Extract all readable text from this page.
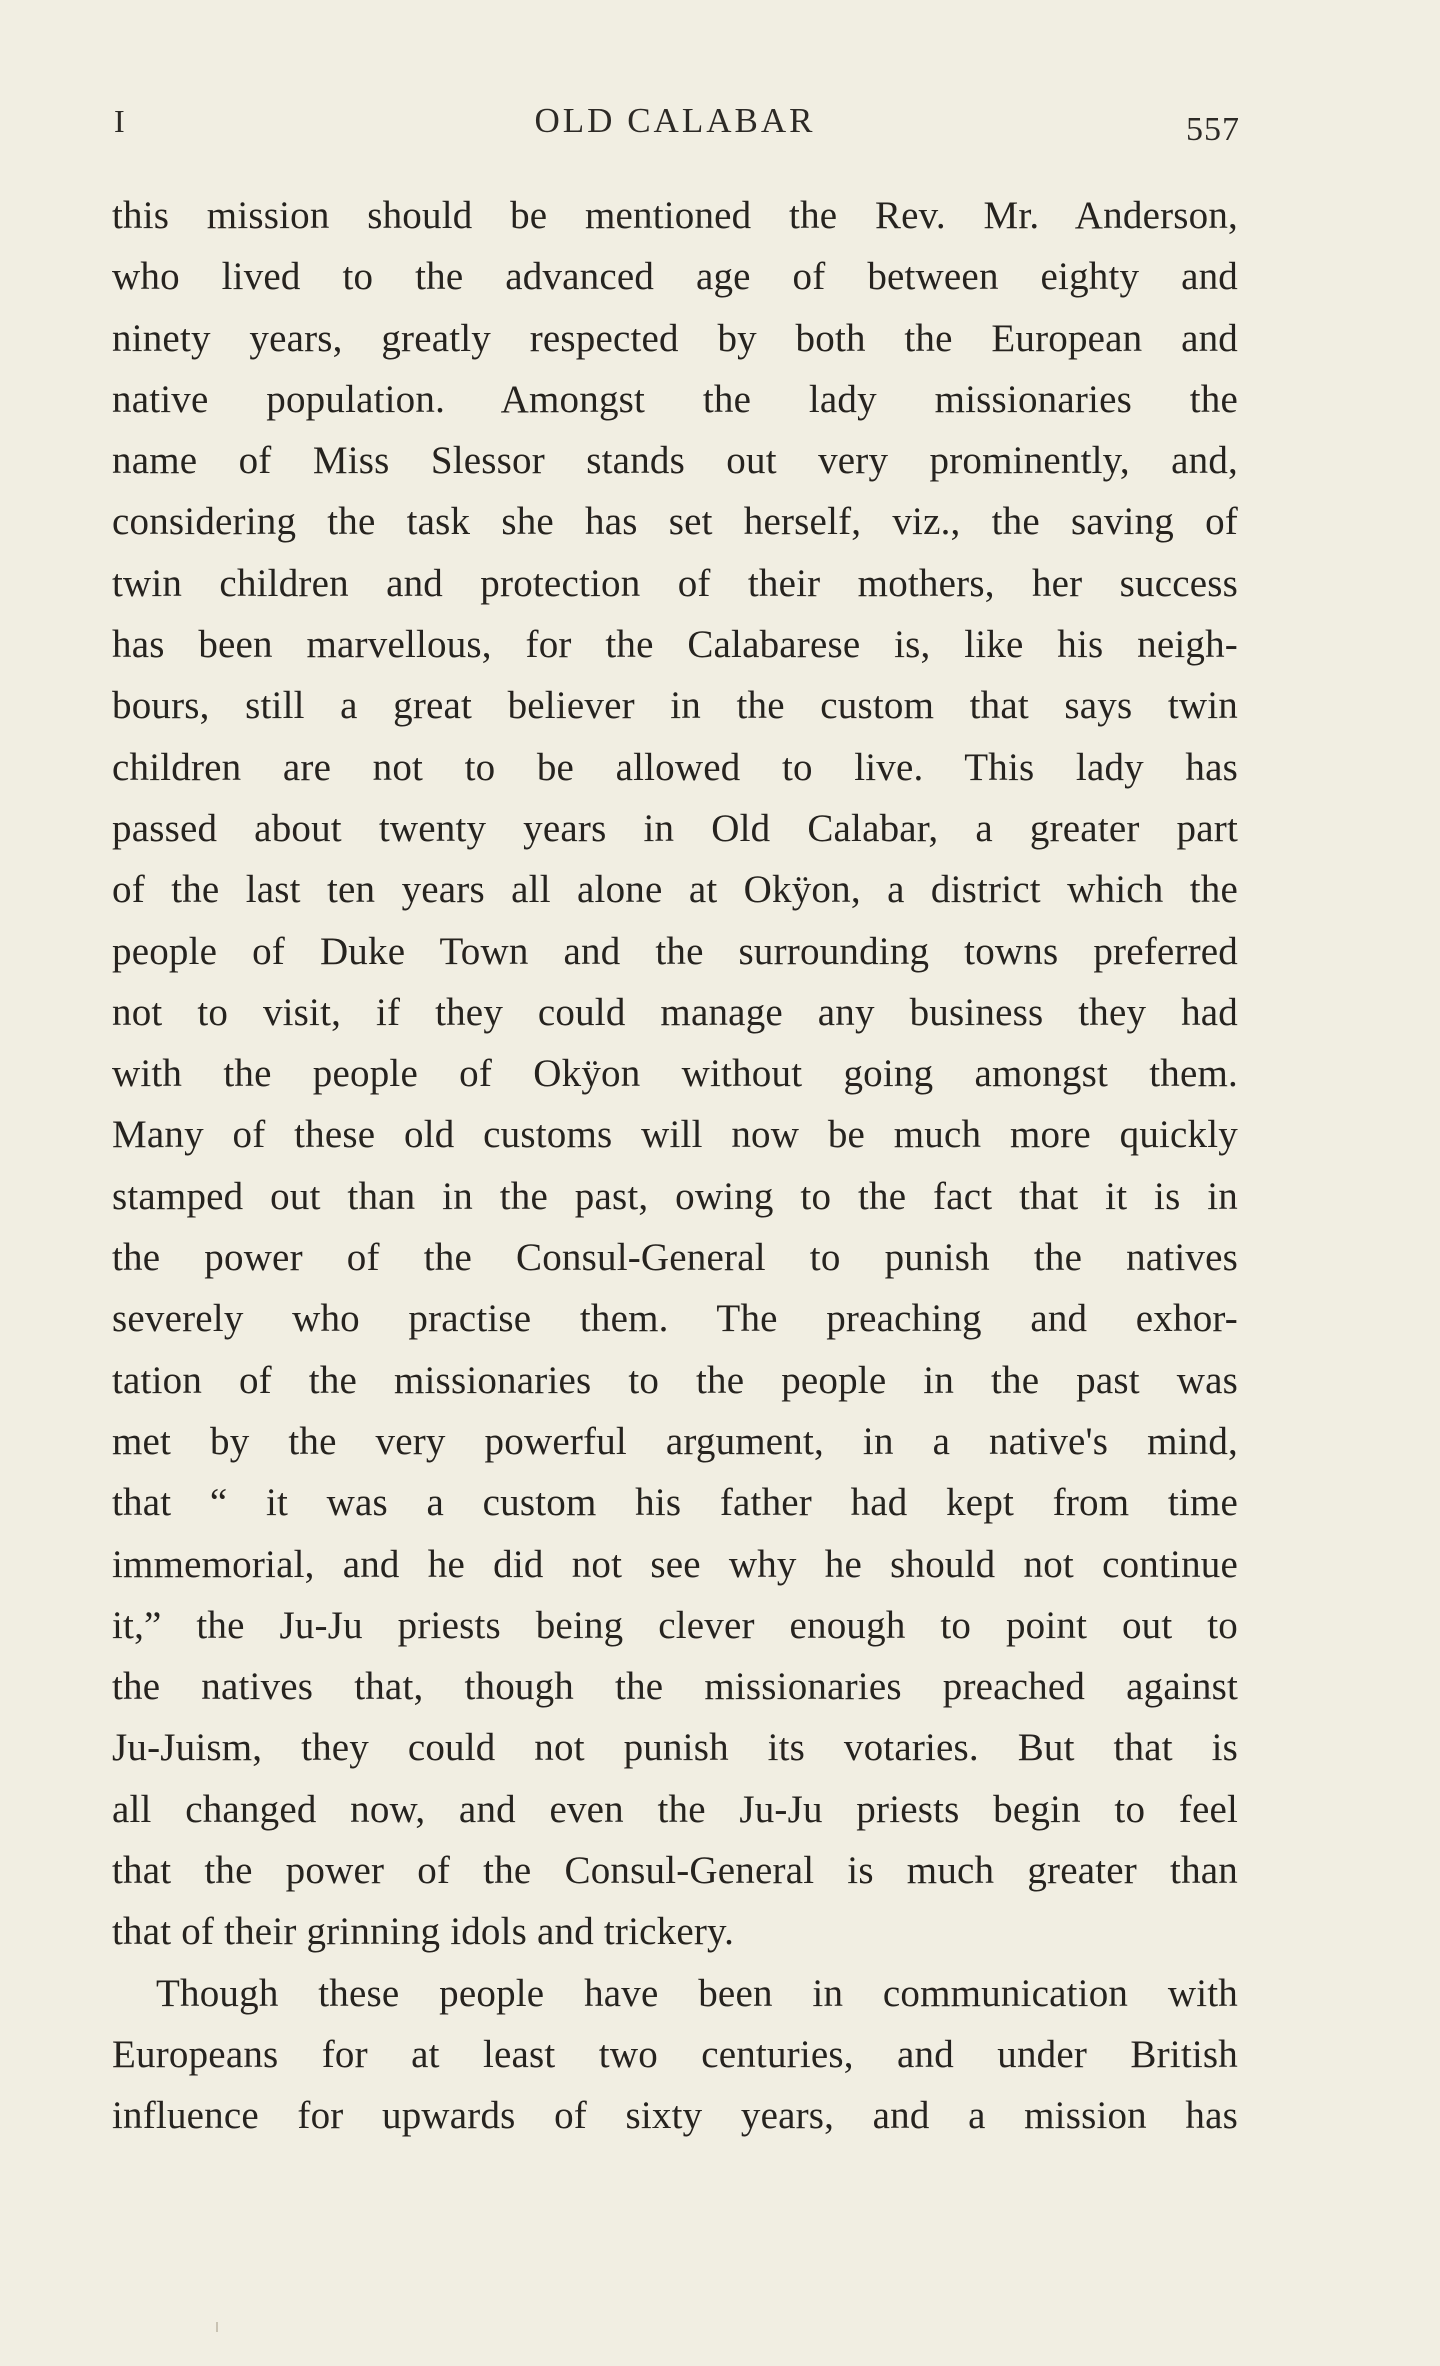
I	OLD CALABAR	557
this mission should be mentioned the Rev. Mr. Anderson,
who lived to the advanced age of between eighty and
ninety years, greatly respected by both the European and
native population. Amongst the lady missionaries the
name of Miss Slessor stands out very prominently, and,
considering the task she has set herself, viz., the saving of
twin children and protection of their mothers, her success
has been marvellous, for the Calabarese is, like his neigh-
bours, still a great believer in the custom that says twin
children are not to be allowed to live. This lady has
passed about twenty years in Old Calabar, a greater part
of the last ten years all alone at Okÿon, a district which the
people of Duke Town and the surrounding towns preferred
not to visit, if they could manage any business they had
with the people of Okÿon without going amongst them.
Many of these old customs will now be much more quickly
stamped out than in the past, owing to the fact that it is in
the power of the Consul-General to punish the natives
severely who practise them. The preaching and exhor-
tation of the missionaries to the people in the past was
met by the very powerful argument, in a native's mind,
that “ it was a custom his father had kept from time
immemorial, and he did not see why he should not continue
it,” the Ju-Ju priests being clever enough to point out to
the natives that, though the missionaries preached against
Ju-Juism, they could not punish its votaries. But that is
all changed now, and even the Ju-Ju priests begin to feel
that the power of the Consul-General is much greater than
that of their grinning idols and trickery.
Though these people have been in communication with
Europeans for at least two centuries, and under British
influence for upwards of sixty years, and a mission has
